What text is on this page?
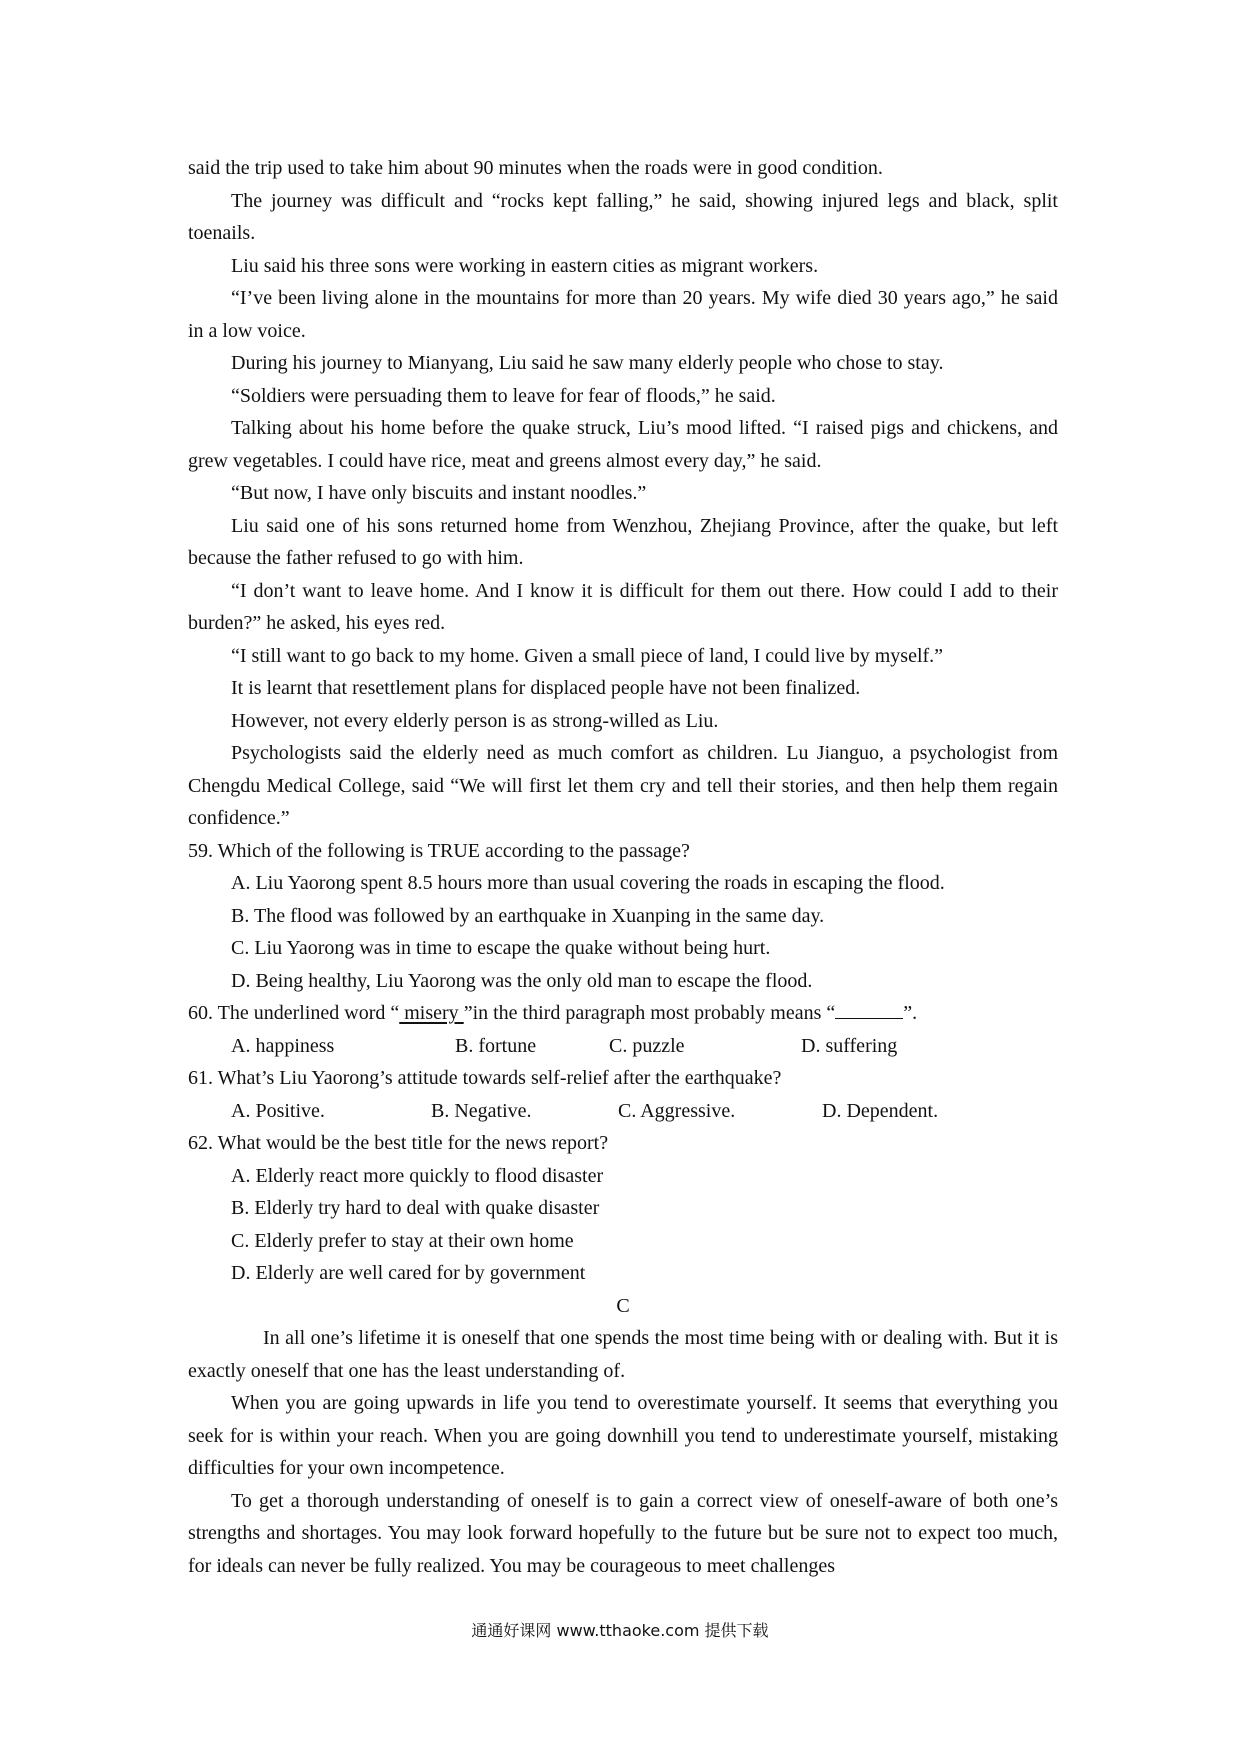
said the trip used to take him about 90 minutes when the roads were in good condition.

The journey was difficult and “rocks kept falling,” he said, showing injured legs and black, split toenails.

Liu said his three sons were working in eastern cities as migrant workers.

“I’ve been living alone in the mountains for more than 20 years. My wife died 30 years ago,” he said in a low voice.

During his journey to Mianyang, Liu said he saw many elderly people who chose to stay.

“Soldiers were persuading them to leave for fear of floods,” he said.

Talking about his home before the quake struck, Liu’s mood lifted. “I raised pigs and chickens, and grew vegetables. I could have rice, meat and greens almost every day,” he said.

“But now, I have only biscuits and instant noodles.”

Liu said one of his sons returned home from Wenzhou, Zhejiang Province, after the quake, but left because the father refused to go with him.

“I don’t want to leave home. And I know it is difficult for them out there. How could I add to their burden?” he asked, his eyes red.

“I still want to go back to my home. Given a small piece of land, I could live by myself.”

It is learnt that resettlement plans for displaced people have not been finalized.

However, not every elderly person is as strong-willed as Liu.

Psychologists said the elderly need as much comfort as children. Lu Jianguo, a psychologist from Chengdu Medical College, said “We will first let them cry and tell their stories, and then help them regain confidence.”

59. Which of the following is TRUE according to the passage?

A. Liu Yaorong spent 8.5 hours more than usual covering the roads in escaping the flood.

B. The flood was followed by an earthquake in Xuanping in the same day.

C. Liu Yaorong was in time to escape the quake without being hurt.

D. Being healthy, Liu Yaorong was the only old man to escape the flood.

60. The underlined word “ misery ”in the third paragraph most probably means “	”.

A. happiness	B. fortune	C. puzzle	D. suffering

61. What’s Liu Yaorong’s attitude towards self-relief after the earthquake?

A. Positive.	B. Negative.	C. Aggressive.	D. Dependent.

62. What would be the best title for the news report?

A. Elderly react more quickly to flood disaster

B. Elderly try hard to deal with quake disaster

C. Elderly prefer to stay at their own home

D. Elderly are well cared for by government

C

In all one’s lifetime it is oneself that one spends the most time being with or dealing with. But it is exactly oneself that one has the least understanding of.

When you are going upwards in life you tend to overestimate yourself. It seems that everything you seek for is within your reach. When you are going downhill you tend to underestimate yourself, mistaking difficulties for your own incompetence.

To get a thorough understanding of oneself is to gain a correct view of oneself-aware of both one’s strengths and shortages. You may look forward hopefully to the future but be sure not to expect too much, for ideals can never be fully realized. You may be courageous to meet challenges

通通好课网 www.tthaoke.com 提供下载
